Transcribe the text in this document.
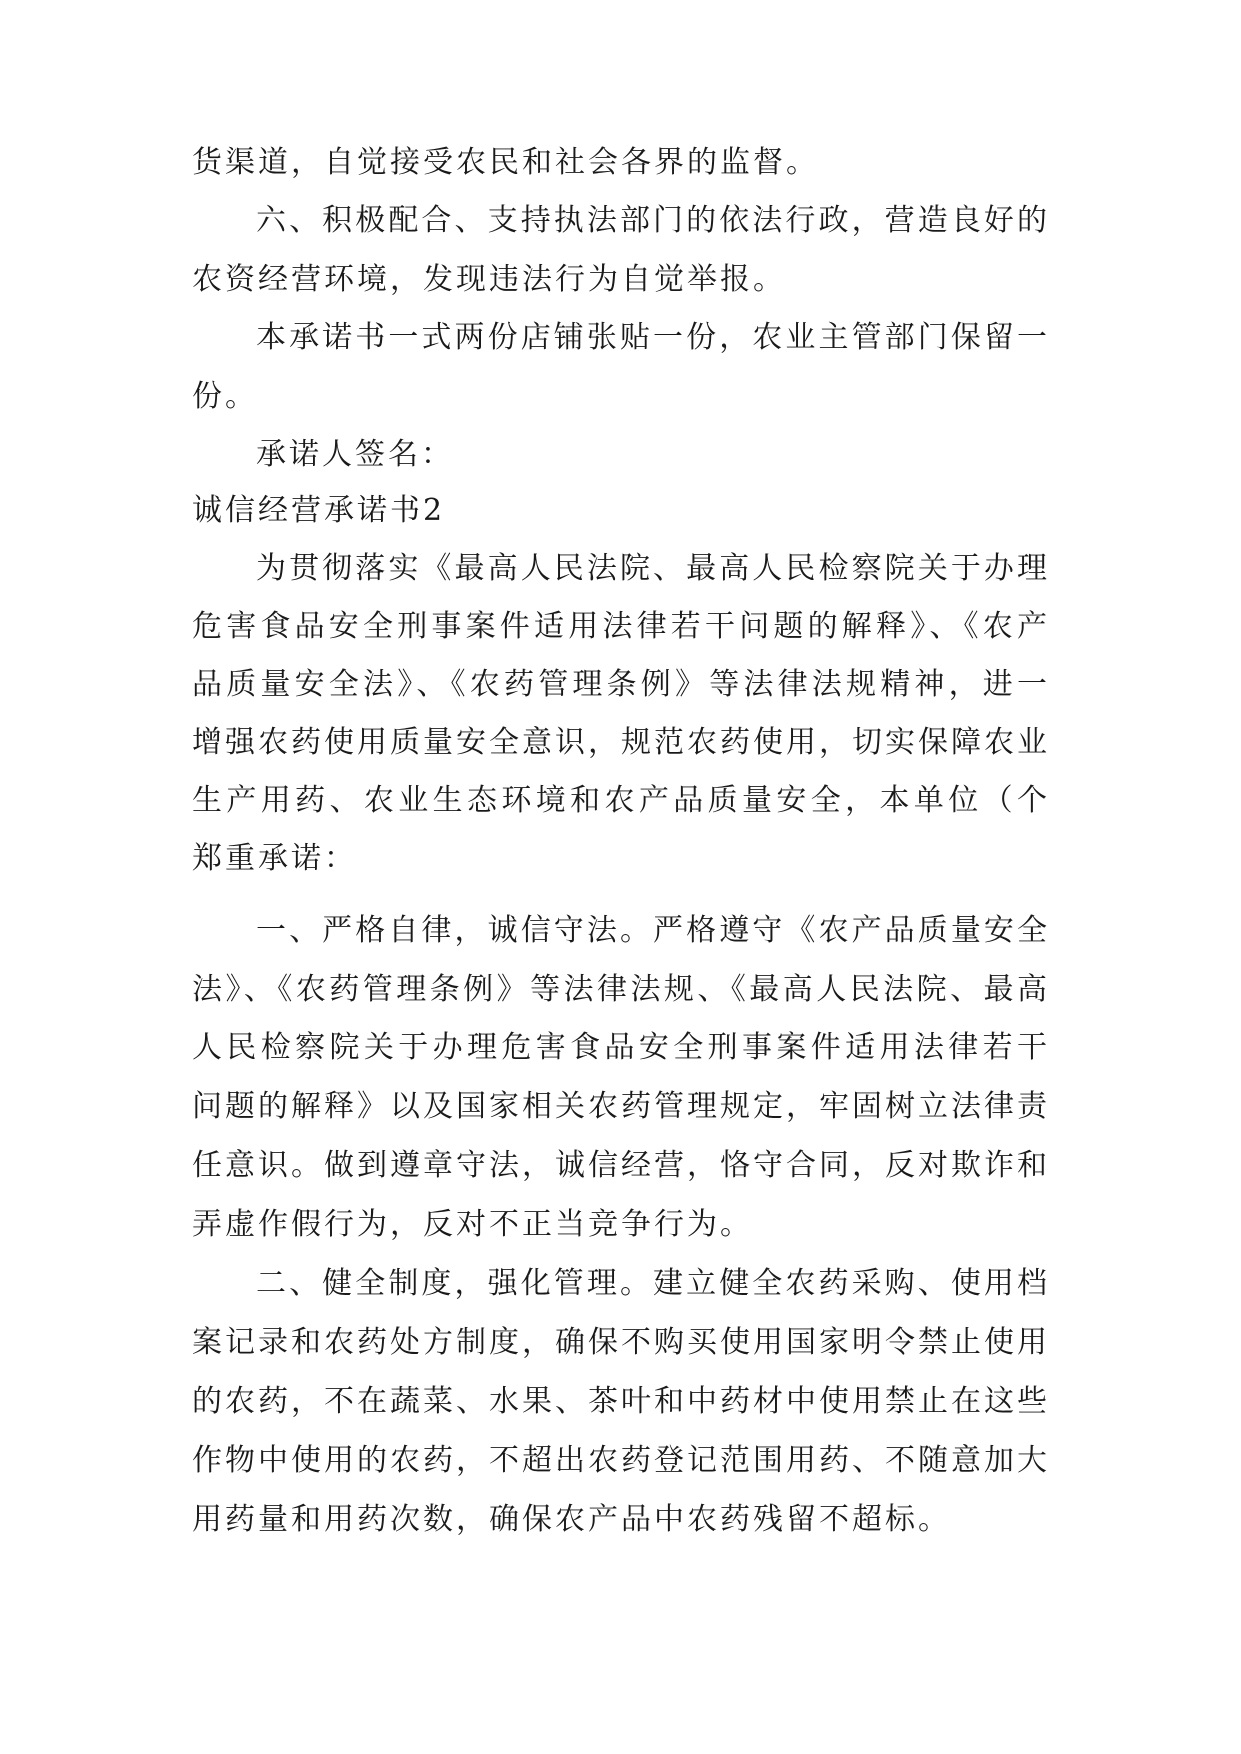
货渠道，自觉接受农民和社会各界的监督。
六、积极配合、支持执法部门的依法行政，营造良好的
农资经营环境，发现违法行为自觉举报。
本承诺书一式两份店铺张贴一份，农业主管部门保留一
份。
承诺人签名：
诚信经营承诺书2
为贯彻落实《最高人民法院、最高人民检察院关于办理
危害食品安全刑事案件适用法律若干问题的解释》、《农产
品质量安全法》、《农药管理条例》等法律法规精神，进一
增强农药使用质量安全意识，规范农药使用，切实保障农业
生产用药、农业生态环境和农产品质量安全，本单位（个
郑重承诺：
一、严格自律，诚信守法。严格遵守《农产品质量安全
法》、《农药管理条例》等法律法规、《最高人民法院、最高
人民检察院关于办理危害食品安全刑事案件适用法律若干
问题的解释》以及国家相关农药管理规定，牢固树立法律责
任意识。做到遵章守法，诚信经营，恪守合同，反对欺诈和
弄虚作假行为，反对不正当竞争行为。
二、健全制度，强化管理。建立健全农药采购、使用档
案记录和农药处方制度，确保不购买使用国家明令禁止使用
的农药，不在蔬菜、水果、茶叶和中药材中使用禁止在这些
作物中使用的农药，不超出农药登记范围用药、不随意加大
用药量和用药次数，确保农产品中农药残留不超标。
